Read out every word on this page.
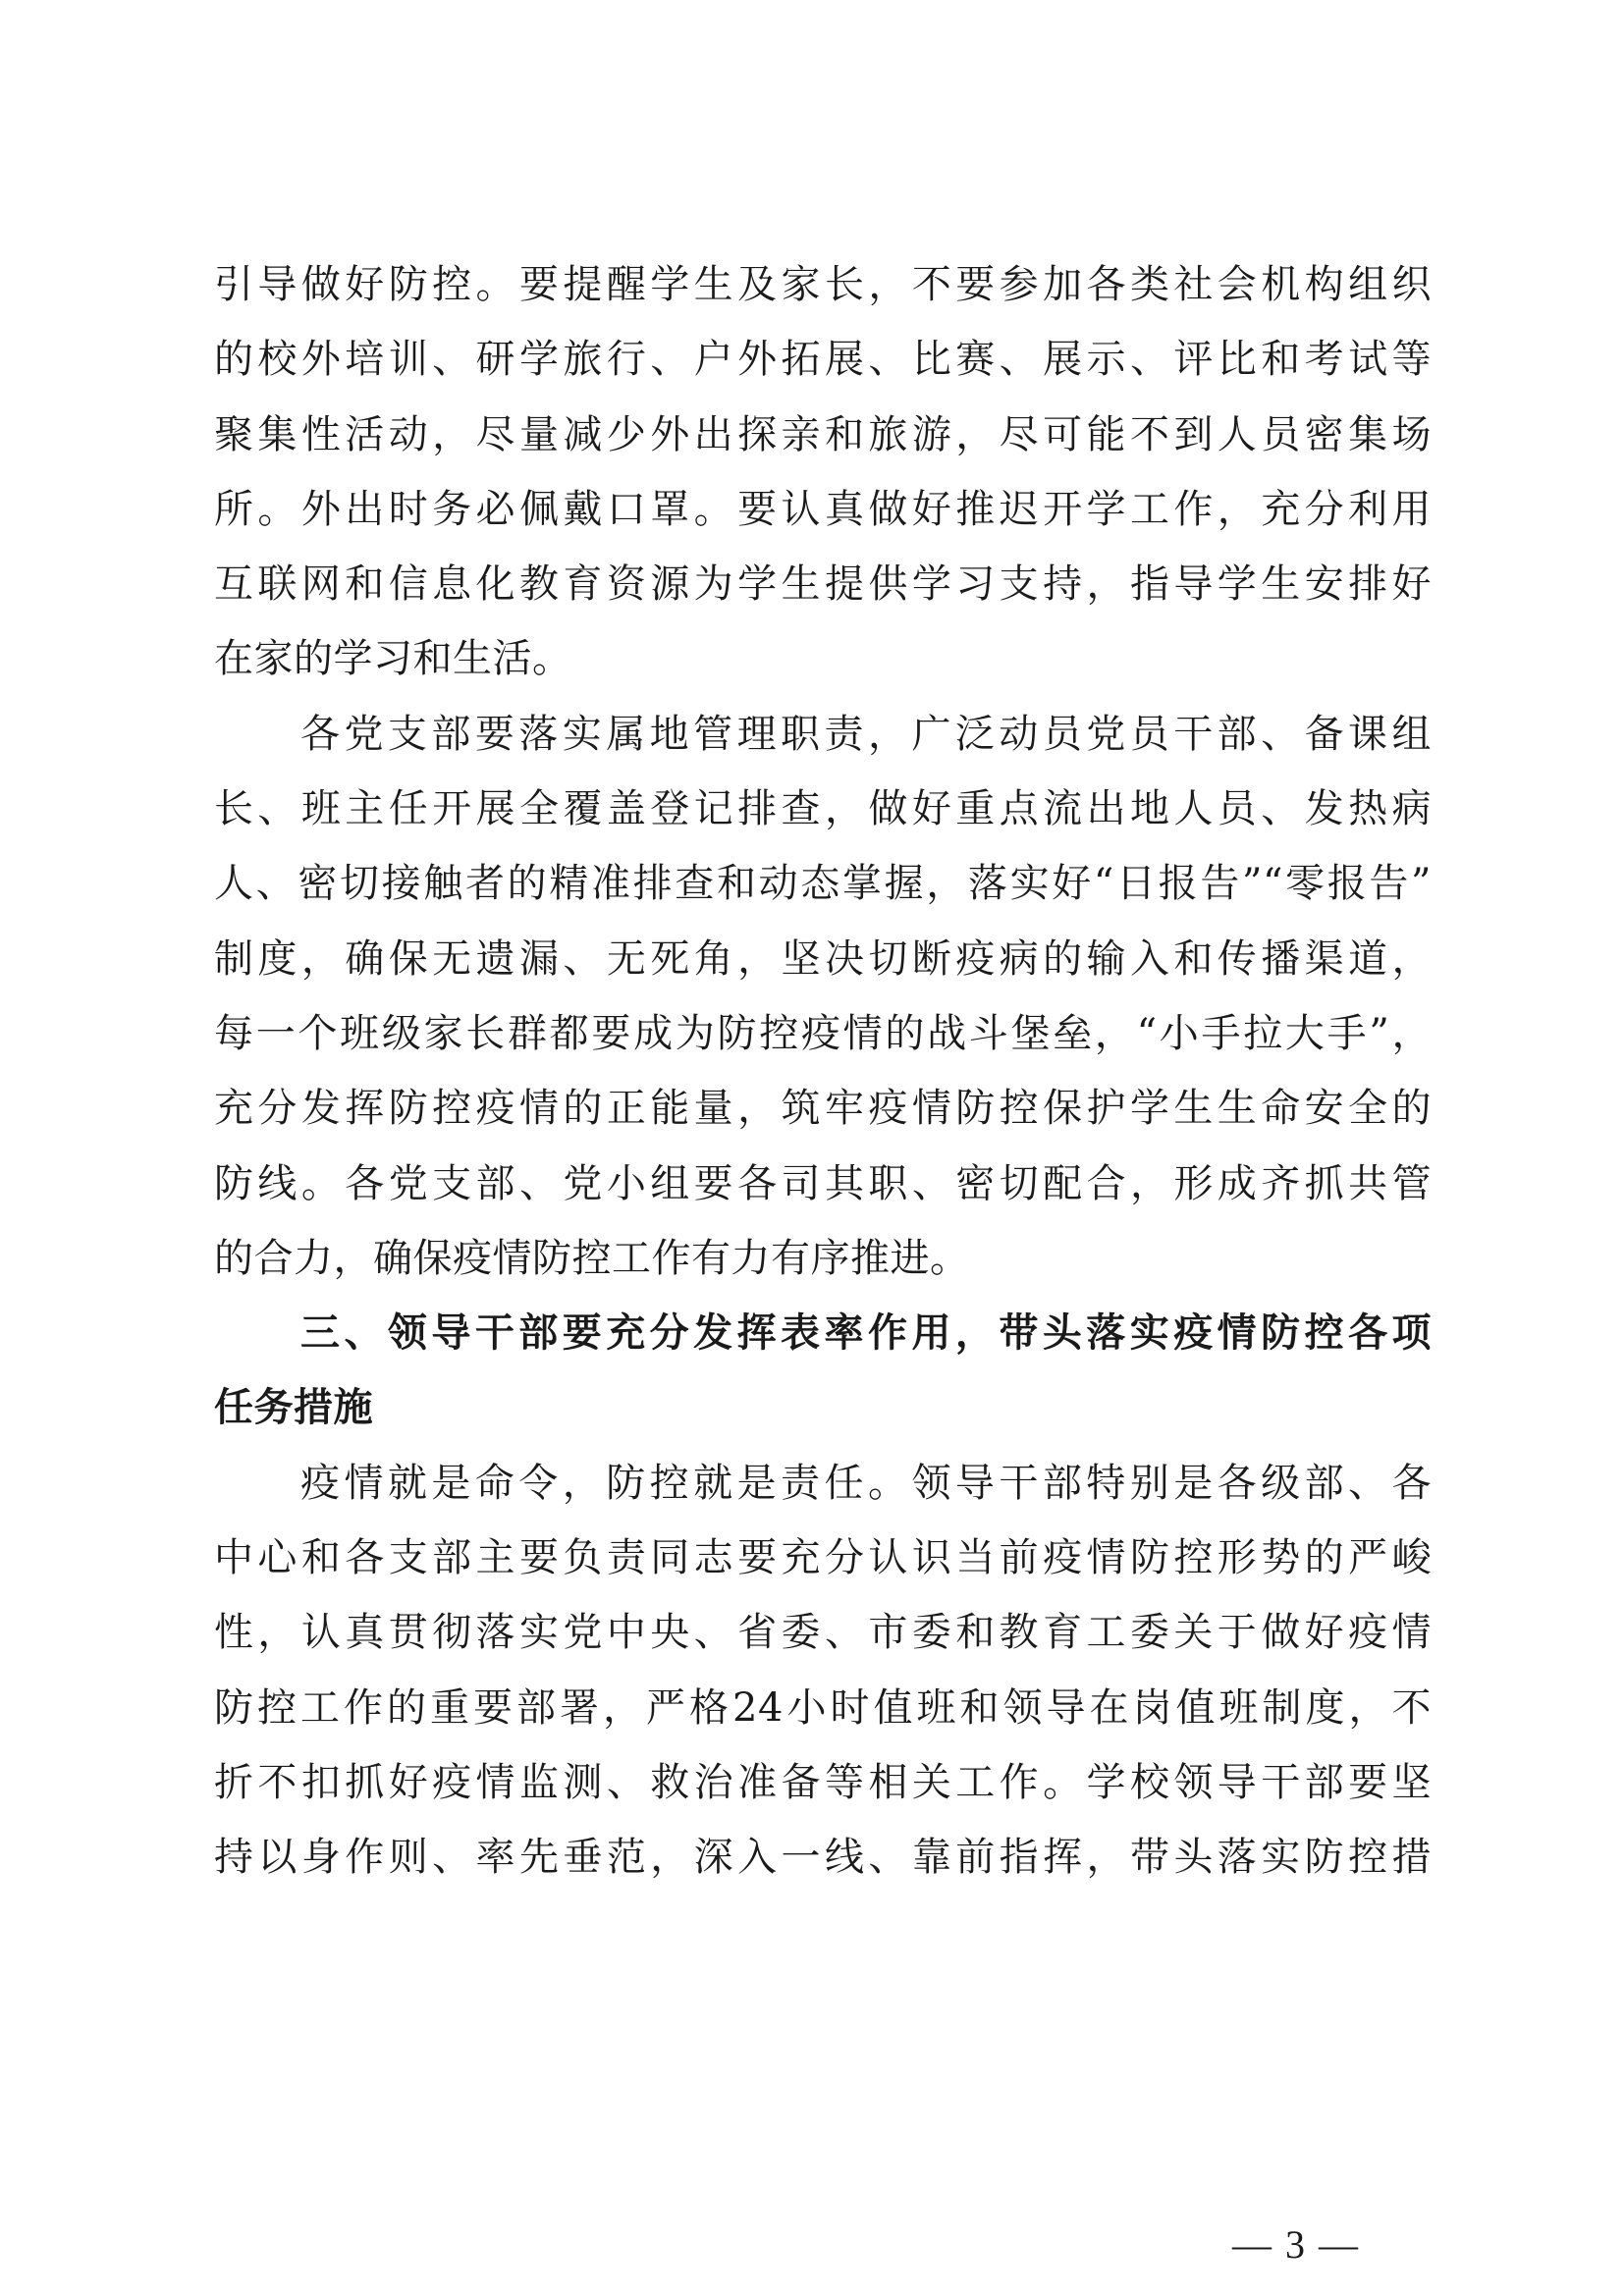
引导做好防控。要提醒学生及家长，不要参加各类社会机构组织
的校外培训、研学旅行、户外拓展、比赛、展示、评比和考试等
聚集性活动，尽量减少外出探亲和旅游，尽可能不到人员密集场
所。外出时务必佩戴口罩。要认真做好推迟开学工作，充分利用
互联网和信息化教育资源为学生提供学习支持，指导学生安排好
在家的学习和生活。
各党支部要落实属地管理职责，广泛动员党员干部、备课组
长、班主任开展全覆盖登记排查，做好重点流出地人员、发热病
人、密切接触者的精准排查和动态掌握，落实好“日报告”“零报告”
制度，确保无遗漏、无死角，坚决切断疫病的输入和传播渠道，
每一个班级家长群都要成为防控疫情的战斗堡垒，“小手拉大手”，
充分发挥防控疫情的正能量，筑牢疫情防控保护学生生命安全的
防线。各党支部、党小组要各司其职、密切配合，形成齐抓共管
的合力，确保疫情防控工作有力有序推进。
三、领导干部要充分发挥表率作用，带头落实疫情防控各项
任务措施
疫情就是命令，防控就是责任。领导干部特别是各级部、各
中心和各支部主要负责同志要充分认识当前疫情防控形势的严峻
性，认真贯彻落实党中央、省委、市委和教育工委关于做好疫情
防控工作的重要部署，严格24小时值班和领导在岗值班制度，不
折不扣抓好疫情监测、救治准备等相关工作。学校领导干部要坚
持以身作则、率先垂范，深入一线、靠前指挥，带头落实防控措
— 3 —
